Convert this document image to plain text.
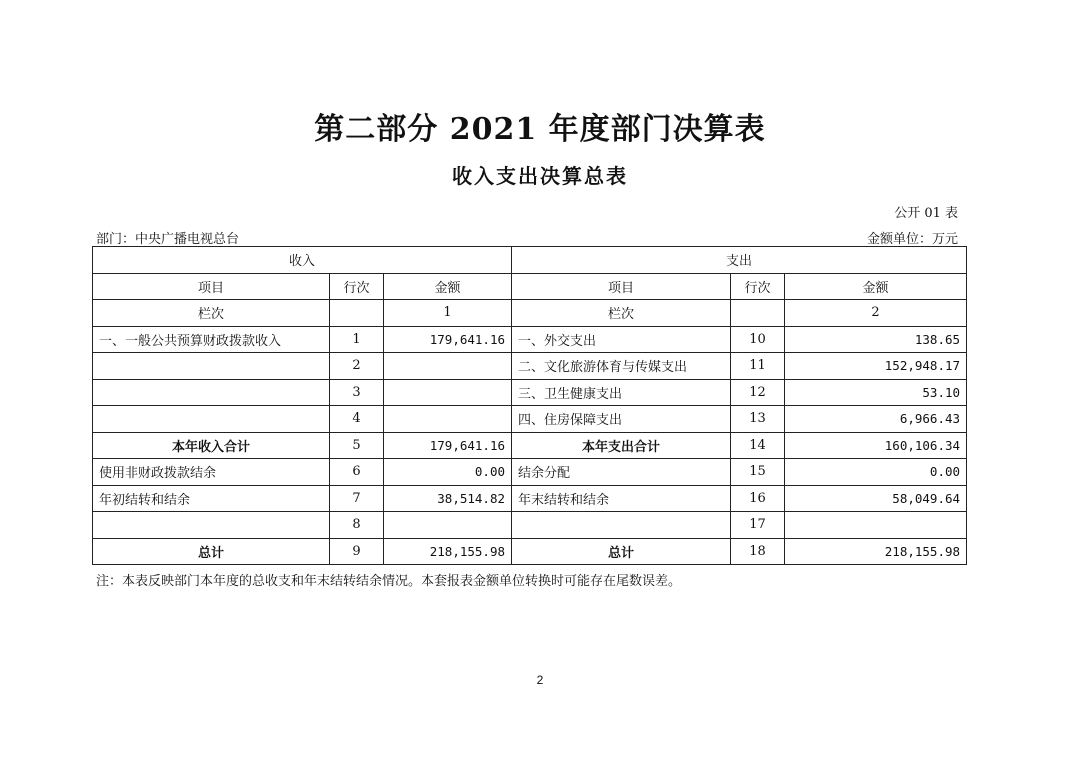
第二部分 2021 年度部门决算表
收入支出决算总表
公开 01 表
部门：中央广播电视总台	金额单位：万元
收入			支出		
项目	行次	金额	项目	行次	金额
栏次		1	栏次		2
一、一般公共预算财政拨款收入	1	179,641.16	一、外交支出	10	138.65
	2		二、文化旅游体育与传媒支出	11	152,948.17
	3		三、卫生健康支出	12	53.10
	4		四、住房保障支出	13	6,966.43
本年收入合计	5	179,641.16	本年支出合计	14	160,106.34
使用非财政拨款结余	6	0.00	结余分配	15	0.00
年初结转和结余	7	38,514.82	年末结转和结余	16	58,049.64
	8			17	
总计	9	218,155.98	总计	18	218,155.98
注：本表反映部门本年度的总收支和年末结转结余情况。本套报表金额单位转换时可能存在尾数误差。
2
